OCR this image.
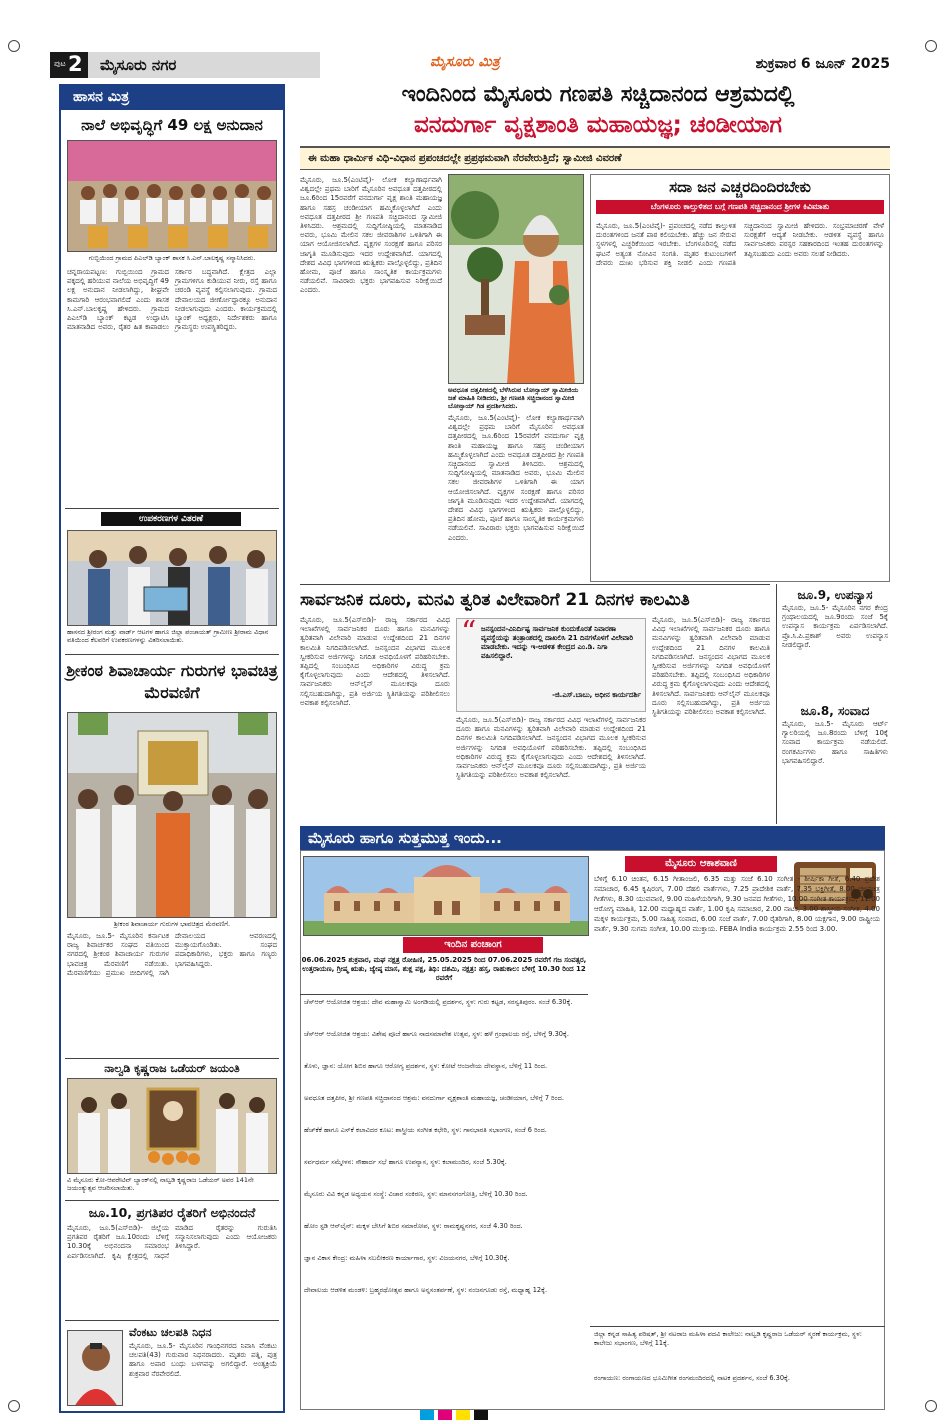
ಪುಟ 2 ಮೈಸೂರು ನಗರ	ಮೈಸೂರು ಮಿತ್ರ	ಶುಕ್ರವಾರ 6 ಜೂನ್ 2025
ಹಾಸನ ಮಿತ್ರ
ನಾಲೆ ಅಭಿವೃದ್ಧಿಗೆ 49 ಲಕ್ಷ ಅನುದಾನ
ಗುಬ್ಬಿಯಿಂದ ಗ್ರಾಮದ ಪಿಎಲ್‌ಡಿ ಬ್ಯಾಂಕ್ ಶಾಸಕ ಸಿ.ಎನ್.ಬಾಲಕೃಷ್ಣ ಸನ್ಮಾನಿಸಿದರು.
ಚನ್ನರಾಯಪಟ್ಟಣ: ಗುಬ್ಬಿಯಿಂದ ಗ್ರಾಮದ ಪಕ್ಕದಲ್ಲಿ ಹರಿಯುವ ನಾಲೆಯ ಅಭಿವೃದ್ಧಿಗೆ 49 ಲಕ್ಷ ಅನುದಾನ ನೀಡಲಾಗಿದ್ದು, ಶೀಘ್ರವೇ ಕಾಮಗಾರಿ ಆರಂಭವಾಗಲಿದೆ ಎಂದು ಶಾಸಕ ಸಿ.ಎನ್.ಬಾಲಕೃಷ್ಣ ಹೇಳಿದರು. ಗ್ರಾಮದ ಪಿಎಲ್‌ಡಿ ಬ್ಯಾಂಕ್ ಕಟ್ಟಡ ಉದ್ಘಾಟಿಸಿ ಮಾತನಾಡಿದ ಅವರು, ರೈತರ ಹಿತ ಕಾಪಾಡಲು ಸರ್ಕಾರ ಬದ್ಧವಾಗಿದೆ. ಕ್ಷೇತ್ರದ ಎಲ್ಲಾ ಗ್ರಾಮಗಳಿಗೂ ಕುಡಿಯುವ ನೀರು, ರಸ್ತೆ ಹಾಗೂ ಚರಂಡಿ ವ್ಯವಸ್ಥೆ ಕಲ್ಪಿಸಲಾಗುವುದು. ಗ್ರಾಮದ ದೇವಾಲಯದ ಜೀರ್ಣೋದ್ಧಾರಕ್ಕೂ ಅನುದಾನ ನೀಡಲಾಗುವುದು ಎಂದರು. ಕಾರ್ಯಕ್ರಮದಲ್ಲಿ ಬ್ಯಾಂಕ್ ಅಧ್ಯಕ್ಷರು, ನಿರ್ದೇಶಕರು ಹಾಗೂ ಗ್ರಾಮಸ್ಥರು ಉಪಸ್ಥಿತರಿದ್ದರು.
ಉಪಕರಣಗಳ ವಿತರಣೆ
ಹಾಸನದ ಶ್ರೀರಂಗ ಮತ್ತು ವಾರ್ಡ್ ಆಟಗಳ ಹಾಗೂ ಜಿಲ್ಲಾ ಪಂಚಾಯತ್ ಗ್ರಾಮೀಣ ಶ್ರೀರಾಮ ವಿಧಾನ ವತಿಯಿಂದ ಕೆಲವರಿಗೆ ಉಪಕರಣಗಳನ್ನು ವಿತರಿಸಲಾಯಿತು.
ಶ್ರೀಕಂಠ ಶಿವಾಚಾರ್ಯ ಗುರುಗಳ ಭಾವಚಿತ್ರ ಮೆರವಣಿಗೆ
ಶ್ರೀಕಂಠ ಶಿವಾಚಾರ್ಯ ಗುರುಗಳ ಭಾವಚಿತ್ರದ ಮೆರವಣಿಗೆ.
ಮೈಸೂರು, ಜೂ.5- ಮೈಸೂರಿನ ಕರ್ನಾಟಕ ರಾಜ್ಯ ಶಿವಾರ್ಚಕರ ಸಂಘದ ವತಿಯಿಂದ ನಗರದಲ್ಲಿ ಶ್ರೀಕಂಠ ಶಿವಾಚಾರ್ಯ ಗುರುಗಳ ಭಾವಚಿತ್ರ ಮೆರವಣಿಗೆ ನಡೆಯಿತು. ಮೆರವಣಿಗೆಯು ಪ್ರಮುಖ ಬೀದಿಗಳಲ್ಲಿ ಸಾಗಿ ದೇವಾಲಯದ ಆವರಣದಲ್ಲಿ ಮುಕ್ತಾಯಗೊಂಡಿತು. ಸಂಘದ ಪದಾಧಿಕಾರಿಗಳು, ಭಕ್ತರು ಹಾಗೂ ಗಣ್ಯರು ಭಾಗವಹಿಸಿದ್ದರು.
ನಾಲ್ವಡಿ ಕೃಷ್ಣರಾಜ ಒಡೆಯರ್ ಜಯಂತಿ
ವಿ ಮೈಸೂರು ಕೋ-ಆಪರೇಟಿವ್ ಬ್ಯಾಂಕ್‌ನಲ್ಲಿ ನಾಲ್ವಡಿ ಕೃಷ್ಣರಾಜ ಒಡೆಯರ್ ಅವರ 141ನೇ ಜಯಂತ್ಯುತ್ಸವ ಆಚರಿಸಲಾಯಿತು.
ಜೂ.10, ಪ್ರಗತಿಪರ ರೈತರಿಗೆ ಅಭಿನಂದನೆ
ಮೈಸೂರು, ಜೂ.5(ಎಸ್‌ಬಿಡಿ)- ಜಿಲ್ಲೆಯ ಪ್ರಗತಿಪರ ರೈತರಿಗೆ ಜೂ.10ರಂದು ಬೆಳಿಗ್ಗೆ 10.30ಕ್ಕೆ ಅಭಿನಂದನಾ ಸಮಾರಂಭ ಏರ್ಪಡಿಸಲಾಗಿದೆ. ಕೃಷಿ ಕ್ಷೇತ್ರದಲ್ಲಿ ಸಾಧನೆ ಮಾಡಿದ ರೈತರನ್ನು ಗುರುತಿಸಿ ಸನ್ಮಾನಿಸಲಾಗುವುದು ಎಂದು ಆಯೋಜಕರು ತಿಳಿಸಿದ್ದಾರೆ.
ವೆಂಕಟು ಚಲಪತಿ ನಿಧನ
ಮೈಸೂರು, ಜೂ.5- ಮೈಸೂರಿನ ಗಾಂಧಿನಗರದ ನಿವಾಸಿ ವೆಂಕಟು ಚಲಪತಿ(43) ಗುರುವಾರ ನಿಧನರಾದರು. ಮೃತರು ಪತ್ನಿ, ಪುತ್ರ ಹಾಗೂ ಅಪಾರ ಬಂಧು ಬಳಗವನ್ನು ಅಗಲಿದ್ದಾರೆ. ಅಂತ್ಯಕ್ರಿಯೆ ಶುಕ್ರವಾರ ನೆರವೇರಲಿದೆ.
ಇಂದಿನಿಂದ ಮೈಸೂರು ಗಣಪತಿ ಸಚ್ಚಿದಾನಂದ ಆಶ್ರಮದಲ್ಲಿ
ವನದುರ್ಗಾ ವೃಕ್ಷಶಾಂತಿ ಮಹಾಯಜ್ಞ; ಚಂಡೀಯಾಗ
ಈ ಮಹಾ ಧಾರ್ಮಿಕ ವಿಧಿ-ವಿಧಾನ ಪ್ರಪಂಚದಲ್ಲೇ ಪ್ರಪ್ರಥಮವಾಗಿ ನೆರವೇರುತ್ತಿದೆ; ಸ್ವಾಮೀಜಿ ವಿವರಣೆ
ಮೈಸೂರು, ಜೂ.5(ಎಂಟಿವೈ)- ಲೋಕ ಕಲ್ಯಾಣಾರ್ಥವಾಗಿ ವಿಶ್ವದಲ್ಲೇ ಪ್ರಥಮ ಬಾರಿಗೆ ಮೈಸೂರಿನ ಅವಧೂತ ದತ್ತಪೀಠದಲ್ಲಿ ಜೂ.6ರಿಂದ 15ರವರೆಗೆ ವನದುರ್ಗಾ ವೃಕ್ಷ ಶಾಂತಿ ಮಹಾಯಜ್ಞ ಹಾಗೂ ಸಹಸ್ರ ಚಂಡೀಯಾಗ ಹಮ್ಮಿಕೊಳ್ಳಲಾಗಿದೆ ಎಂದು ಅವಧೂತ ದತ್ತಪೀಠದ ಶ್ರೀ ಗಣಪತಿ ಸಚ್ಚಿದಾನಂದ ಸ್ವಾಮೀಜಿ ತಿಳಿಸಿದರು. ಆಶ್ರಮದಲ್ಲಿ ಸುದ್ದಿಗೋಷ್ಠಿಯಲ್ಲಿ ಮಾತನಾಡಿದ ಅವರು, ಭೂಮಿ ಮೇಲಿನ ಸಕಲ ಜೀವರಾಶಿಗಳ ಒಳಿತಿಗಾಗಿ ಈ ಯಾಗ ಆಯೋಜಿಸಲಾಗಿದೆ. ವೃಕ್ಷಗಳ ಸಂರಕ್ಷಣೆ ಹಾಗೂ ಪರಿಸರ ಜಾಗೃತಿ ಮೂಡಿಸುವುದು ಇದರ ಉದ್ದೇಶವಾಗಿದೆ. ಯಾಗದಲ್ಲಿ ದೇಶದ ವಿವಿಧ ಭಾಗಗಳಿಂದ ಋತ್ವಿಕರು ಪಾಲ್ಗೊಳ್ಳಲಿದ್ದು, ಪ್ರತಿದಿನ ಹೋಮ, ಪೂಜೆ ಹಾಗೂ ಸಾಂಸ್ಕೃತಿಕ ಕಾರ್ಯಕ್ರಮಗಳು ನಡೆಯಲಿವೆ. ಸಾವಿರಾರು ಭಕ್ತರು ಭಾಗವಹಿಸುವ ನಿರೀಕ್ಷೆಯಿದೆ ಎಂದರು.
ಅವಧೂತ ದತ್ತಪೀಠದಲ್ಲಿ ಬೆಳೆಸಿರುವ ಬೋನ್ಸಾಯ್ ಸ್ವಾಮೀಜಿಯ ಜತೆ ಮಾಹಿತಿ ನೀಡಿದರು, ಶ್ರೀ ಗಣಪತಿ ಸಚ್ಚಿದಾನಂದ ಸ್ವಾಮೀಜಿ ಬೋನ್ಸಾಯ್ ಗಿಡ ಪ್ರದರ್ಶಿಸಿದರು.
ಮೈಸೂರು, ಜೂ.5(ಎಂಟಿವೈ)- ಲೋಕ ಕಲ್ಯಾಣಾರ್ಥವಾಗಿ ವಿಶ್ವದಲ್ಲೇ ಪ್ರಥಮ ಬಾರಿಗೆ ಮೈಸೂರಿನ ಅವಧೂತ ದತ್ತಪೀಠದಲ್ಲಿ ಜೂ.6ರಿಂದ 15ರವರೆಗೆ ವನದುರ್ಗಾ ವೃಕ್ಷ ಶಾಂತಿ ಮಹಾಯಜ್ಞ ಹಾಗೂ ಸಹಸ್ರ ಚಂಡೀಯಾಗ ಹಮ್ಮಿಕೊಳ್ಳಲಾಗಿದೆ ಎಂದು ಅವಧೂತ ದತ್ತಪೀಠದ ಶ್ರೀ ಗಣಪತಿ ಸಚ್ಚಿದಾನಂದ ಸ್ವಾಮೀಜಿ ತಿಳಿಸಿದರು. ಆಶ್ರಮದಲ್ಲಿ ಸುದ್ದಿಗೋಷ್ಠಿಯಲ್ಲಿ ಮಾತನಾಡಿದ ಅವರು, ಭೂಮಿ ಮೇಲಿನ ಸಕಲ ಜೀವರಾಶಿಗಳ ಒಳಿತಿಗಾಗಿ ಈ ಯಾಗ ಆಯೋಜಿಸಲಾಗಿದೆ. ವೃಕ್ಷಗಳ ಸಂರಕ್ಷಣೆ ಹಾಗೂ ಪರಿಸರ ಜಾಗೃತಿ ಮೂಡಿಸುವುದು ಇದರ ಉದ್ದೇಶವಾಗಿದೆ. ಯಾಗದಲ್ಲಿ ದೇಶದ ವಿವಿಧ ಭಾಗಗಳಿಂದ ಋತ್ವಿಕರು ಪಾಲ್ಗೊಳ್ಳಲಿದ್ದು, ಪ್ರತಿದಿನ ಹೋಮ, ಪೂಜೆ ಹಾಗೂ ಸಾಂಸ್ಕೃತಿಕ ಕಾರ್ಯಕ್ರಮಗಳು ನಡೆಯಲಿವೆ. ಸಾವಿರಾರು ಭಕ್ತರು ಭಾಗವಹಿಸುವ ನಿರೀಕ್ಷೆಯಿದೆ ಎಂದರು.
ಸದಾ ಜನ ಎಚ್ಚರದಿಂದಿರಬೇಕು
ಬೆಂಗಳೂರು ಕಾಲ್ತುಳಿತದ ಬಗ್ಗೆ ಗಣಪತಿ ಸಚ್ಚಿದಾನಂದ ಶ್ರೀಗಳ ಕಿವಿಮಾತು
ಮೈಸೂರು, ಜೂ.5(ಎಂಟಿವೈ)- ಪ್ರಪಂಚದಲ್ಲಿ ನಡೆದ ಕಾಲ್ತುಳಿತ ದುರಂತಗಳಿಂದ ಜನತೆ ಪಾಠ ಕಲಿಯಬೇಕು. ಹೆಚ್ಚು ಜನ ಸೇರುವ ಸ್ಥಳಗಳಲ್ಲಿ ಎಚ್ಚರಿಕೆಯಿಂದ ಇರಬೇಕು. ಬೆಂಗಳೂರಿನಲ್ಲಿ ನಡೆದ ಘಟನೆ ಅತ್ಯಂತ ನೋವಿನ ಸಂಗತಿ. ಮೃತರ ಕುಟುಂಬಗಳಿಗೆ ದೇವರು ದುಃಖ ಭರಿಸುವ ಶಕ್ತಿ ನೀಡಲಿ ಎಂದು ಗಣಪತಿ ಸಚ್ಚಿದಾನಂದ ಸ್ವಾಮೀಜಿ ಹೇಳಿದರು. ಸಂಭ್ರಮಾಚರಣೆ ವೇಳೆ ಸುರಕ್ಷತೆಗೆ ಆದ್ಯತೆ ನೀಡಬೇಕು. ಆಡಳಿತ ವ್ಯವಸ್ಥೆ ಹಾಗೂ ಸಾರ್ವಜನಿಕರು ಪರಸ್ಪರ ಸಹಕಾರದಿಂದ ಇಂತಹ ದುರಂತಗಳನ್ನು ತಪ್ಪಿಸಬಹುದು ಎಂದು ಅವರು ಸಲಹೆ ನೀಡಿದರು.
ಸಾರ್ವಜನಿಕ ದೂರು, ಮನವಿ ತ್ವರಿತ ವಿಲೇವಾರಿಗೆ 21 ದಿನಗಳ ಕಾಲಮಿತಿ
ಮೈಸೂರು, ಜೂ.5(ಎಸ್‌ಬಿಡಿ)- ರಾಜ್ಯ ಸರ್ಕಾರದ ವಿವಿಧ ಇಲಾಖೆಗಳಲ್ಲಿ ಸಾರ್ವಜನಿಕರ ದೂರು ಹಾಗೂ ಮನವಿಗಳನ್ನು ತ್ವರಿತವಾಗಿ ವಿಲೇವಾರಿ ಮಾಡುವ ಉದ್ದೇಶದಿಂದ 21 ದಿನಗಳ ಕಾಲಮಿತಿ ನಿಗದಿಪಡಿಸಲಾಗಿದೆ. ಜನಸ್ಪಂದನ ವಿಭಾಗದ ಮೂಲಕ ಸ್ವೀಕರಿಸುವ ಅರ್ಜಿಗಳನ್ನು ನಿಗದಿತ ಅವಧಿಯೊಳಗೆ ಪರಿಹರಿಸಬೇಕು. ತಪ್ಪಿದಲ್ಲಿ ಸಂಬಂಧಿಸಿದ ಅಧಿಕಾರಿಗಳ ವಿರುದ್ಧ ಕ್ರಮ ಕೈಗೊಳ್ಳಲಾಗುವುದು ಎಂದು ಆದೇಶದಲ್ಲಿ ತಿಳಿಸಲಾಗಿದೆ. ಸಾರ್ವಜನಿಕರು ಆನ್‌ಲೈನ್ ಮೂಲಕವೂ ದೂರು ಸಲ್ಲಿಸಬಹುದಾಗಿದ್ದು, ಪ್ರತಿ ಅರ್ಜಿಯ ಸ್ಥಿತಿಗತಿಯನ್ನು ಪರಿಶೀಲಿಸಲು ಅವಕಾಶ ಕಲ್ಪಿಸಲಾಗಿದೆ.
“ ಜನಸ್ಪಂದನ-ವಿನಿರ್ದಿಷ್ಟ ಸಾರ್ವಜನಿಕ ಕುಂದುಕೊರತೆ ನಿವಾರಣಾ ವ್ಯವಸ್ಥೆಯನ್ನು ತಂತ್ರಾಂಶದಲ್ಲಿ ದಾಖಲಿಸಿ 21 ದಿನಗಳೊಳಗೆ ವಿಲೇವಾರಿ ಮಾಡಬೇಕು. ಇದನ್ನು ಇ-ಆಡಳಿತ ಕೇಂದ್ರದ ಎಂ.ಡಿ. ನಿಗಾ ವಹಿಸಲಿದ್ದಾರೆ.
-ಜಿ.ಎಸ್.ಬಾಬು, ಅಧೀನ ಕಾರ್ಯದರ್ಶಿ
ಮೈಸೂರು, ಜೂ.5(ಎಸ್‌ಬಿಡಿ)- ರಾಜ್ಯ ಸರ್ಕಾರದ ವಿವಿಧ ಇಲಾಖೆಗಳಲ್ಲಿ ಸಾರ್ವಜನಿಕರ ದೂರು ಹಾಗೂ ಮನವಿಗಳನ್ನು ತ್ವರಿತವಾಗಿ ವಿಲೇವಾರಿ ಮಾಡುವ ಉದ್ದೇಶದಿಂದ 21 ದಿನಗಳ ಕಾಲಮಿತಿ ನಿಗದಿಪಡಿಸಲಾಗಿದೆ. ಜನಸ್ಪಂದನ ವಿಭಾಗದ ಮೂಲಕ ಸ್ವೀಕರಿಸುವ ಅರ್ಜಿಗಳನ್ನು ನಿಗದಿತ ಅವಧಿಯೊಳಗೆ ಪರಿಹರಿಸಬೇಕು. ತಪ್ಪಿದಲ್ಲಿ ಸಂಬಂಧಿಸಿದ ಅಧಿಕಾರಿಗಳ ವಿರುದ್ಧ ಕ್ರಮ ಕೈಗೊಳ್ಳಲಾಗುವುದು ಎಂದು ಆದೇಶದಲ್ಲಿ ತಿಳಿಸಲಾಗಿದೆ. ಸಾರ್ವಜನಿಕರು ಆನ್‌ಲೈನ್ ಮೂಲಕವೂ ದೂರು ಸಲ್ಲಿಸಬಹುದಾಗಿದ್ದು, ಪ್ರತಿ ಅರ್ಜಿಯ ಸ್ಥಿತಿಗತಿಯನ್ನು ಪರಿಶೀಲಿಸಲು ಅವಕಾಶ ಕಲ್ಪಿಸಲಾಗಿದೆ.
ಮೈಸೂರು, ಜೂ.5(ಎಸ್‌ಬಿಡಿ)- ರಾಜ್ಯ ಸರ್ಕಾರದ ವಿವಿಧ ಇಲಾಖೆಗಳಲ್ಲಿ ಸಾರ್ವಜನಿಕರ ದೂರು ಹಾಗೂ ಮನವಿಗಳನ್ನು ತ್ವರಿತವಾಗಿ ವಿಲೇವಾರಿ ಮಾಡುವ ಉದ್ದೇಶದಿಂದ 21 ದಿನಗಳ ಕಾಲಮಿತಿ ನಿಗದಿಪಡಿಸಲಾಗಿದೆ. ಜನಸ್ಪಂದನ ವಿಭಾಗದ ಮೂಲಕ ಸ್ವೀಕರಿಸುವ ಅರ್ಜಿಗಳನ್ನು ನಿಗದಿತ ಅವಧಿಯೊಳಗೆ ಪರಿಹರಿಸಬೇಕು. ತಪ್ಪಿದಲ್ಲಿ ಸಂಬಂಧಿಸಿದ ಅಧಿಕಾರಿಗಳ ವಿರುದ್ಧ ಕ್ರಮ ಕೈಗೊಳ್ಳಲಾಗುವುದು ಎಂದು ಆದೇಶದಲ್ಲಿ ತಿಳಿಸಲಾಗಿದೆ. ಸಾರ್ವಜನಿಕರು ಆನ್‌ಲೈನ್ ಮೂಲಕವೂ ದೂರು ಸಲ್ಲಿಸಬಹುದಾಗಿದ್ದು, ಪ್ರತಿ ಅರ್ಜಿಯ ಸ್ಥಿತಿಗತಿಯನ್ನು ಪರಿಶೀಲಿಸಲು ಅವಕಾಶ ಕಲ್ಪಿಸಲಾಗಿದೆ.
ಜೂ.9, ಉಪನ್ಯಾಸ
ಮೈಸೂರು, ಜೂ.5- ಮೈಸೂರಿನ ನಗರ ಕೇಂದ್ರ ಗ್ರಂಥಾಲಯದಲ್ಲಿ ಜೂ.9ರಂದು ಸಂಜೆ 5ಕ್ಕೆ ಉಪನ್ಯಾಸ ಕಾರ್ಯಕ್ರಮ ಏರ್ಪಡಿಸಲಾಗಿದೆ. ಪ್ರೊ.ಸಿ.ಪಿ.ಪ್ರಕಾಶ್ ಅವರು ಉಪನ್ಯಾಸ ನೀಡಲಿದ್ದಾರೆ.
ಜೂ.8, ಸಂವಾದ
ಮೈಸೂರು, ಜೂ.5- ಮೈಸೂರು ಆರ್ಟ್ ಗ್ಯಾಲರಿಯಲ್ಲಿ ಜೂ.8ರಂದು ಬೆಳಿಗ್ಗೆ 10ಕ್ಕೆ ಸಂವಾದ ಕಾರ್ಯಕ್ರಮ ನಡೆಯಲಿದೆ. ರಂಗಕರ್ಮಿಗಳು ಹಾಗೂ ಸಾಹಿತಿಗಳು ಭಾಗವಹಿಸಲಿದ್ದಾರೆ.
ಮೈಸೂರು ಹಾಗೂ ಸುತ್ತಮುತ್ತ ಇಂದು...
ಇಂದಿನ ಪಂಚಾಂಗ
06.06.2025 ಶುಕ್ರವಾರ, ಮಘ ನಕ್ಷತ್ರ ರೋಹಿಣಿ, 25.05.2025 ರಿಂದ 07.06.2025 ರವರೆಗೆ ಗಜ ಸಂವತ್ಸರ, ಉತ್ತರಾಯಣ, ಗ್ರೀಷ್ಮ ಋತು, ಜ್ಯೇಷ್ಠ ಮಾಸ, ಶುಕ್ಲ ಪಕ್ಷ, ತಿಥಿ: ದಶಮಿ, ನಕ್ಷತ್ರ: ಹಸ್ತ, ರಾಹುಕಾಲ: ಬೆಳಿಗ್ಗೆ 10.30 ರಿಂದ 12 ರವರೆಗೆ
ಚೆಸ್‌ಆರ್‌ ಆಯೋಜಿತ ಆಶ್ರಯ: ದೇವ ಮಹಾಸ್ವಾಮಿ ಅಂಗಡಿಯಲ್ಲಿ ಪ್ರದರ್ಶನ, ಸ್ಥಳ: ಗುರು ಕಟ್ಟಡ, ಸರಸ್ವತಿಪುರಂ. ಸಂಜೆ 6.30ಕ್ಕೆ.
ಚೆಸ್‌ಆರ್‌ ಆಯೋಜಿತ ಆಶ್ರಯ: ವಿಶೇಷ ಪೂಜೆ ಹಾಗೂ ನಾದಸಮಾವೇಶ ಉತ್ಸವ, ಸ್ಥಳ: ಹಳೆ ಗ್ರಂಥಾಲಯ ರಸ್ತೆ, ಬೆಳಿಗ್ಗೆ 9.30ಕ್ಕೆ.
ತೊಳು, ಜ್ಞಾನ: ಯೋಗ ಶಿಬಿರ ಹಾಗೂ ಆರೋಗ್ಯ ಪ್ರದರ್ಶನ, ಸ್ಥಳ: ಕೋಟೆ ಆಂಜನೇಯ ದೇವಸ್ಥಾನ, ಬೆಳಿಗ್ಗೆ 11 ರಿಂದ.
ಅವಧೂತ ದತ್ತಪೀಠ, ಶ್ರೀ ಗಣಪತಿ ಸಚ್ಚಿದಾನಂದ ಆಶ್ರಮ: ವನದುರ್ಗಾ ವೃಕ್ಷಶಾಂತಿ ಮಹಾಯಜ್ಞ, ಚಂಡೀಯಾಗ, ಬೆಳಿಗ್ಗೆ 7 ರಿಂದ.
ಹೆಚ್‌ಕೆಕೆ ಹಾಗೂ ಎಸ್‌ಕೆ ಕಲಾವಿದರ ಕೂಟ: ಶಾಸ್ತ್ರೀಯ ಸಂಗೀತ ಕಛೇರಿ, ಸ್ಥಳ: ಗಾನಭಾರತಿ ಸಭಾಂಗಣ, ಸಂಜೆ 6 ರಿಂದ.
ಸರ್ವಧರ್ಮ ಸಮ್ಮೇಳನ: ಸೌಹಾರ್ದ ಸಭೆ ಹಾಗೂ ಉಪನ್ಯಾಸ, ಸ್ಥಳ: ಕಲಾಮಂದಿರ, ಸಂಜೆ 5.30ಕ್ಕೆ.
ಮೈಸೂರು ವಿವಿ ಕನ್ನಡ ಅಧ್ಯಯನ ಸಂಸ್ಥೆ: ವಿಚಾರ ಸಂಕಿರಣ, ಸ್ಥಳ: ಮಾನಸಗಂಗೋತ್ರಿ, ಬೆಳಿಗ್ಗೆ 10.30 ರಿಂದ.
ಹೋಂ ಸ್ಟಡಿ ಆನ್‌ಲೈನ್‌: ಮಕ್ಕಳ ಬೇಸಿಗೆ ಶಿಬಿರ ಸಮಾರೋಪ, ಸ್ಥಳ: ರಾಮಕೃಷ್ಣನಗರ, ಸಂಜೆ 4.30 ರಿಂದ.
ಜ್ಞಾನ ವಿಕಾಸ ಕೇಂದ್ರ: ಮಹಿಳಾ ಸಬಲೀಕರಣ ಕಾರ್ಯಾಗಾರ, ಸ್ಥಳ: ವಿಜಯನಗರ, ಬೆಳಿಗ್ಗೆ 10.30ಕ್ಕೆ.
ದೇವಾಲಯ ಆಡಳಿತ ಮಂಡಳಿ: ಬ್ರಹ್ಮರಥೋತ್ಸವ ಹಾಗೂ ಅನ್ನಸಂತರ್ಪಣೆ, ಸ್ಥಳ: ನಂಜನಗೂಡು ರಸ್ತೆ, ಮಧ್ಯಾಹ್ನ 12ಕ್ಕೆ.
ಮೈಸೂರು ಆಕಾಶವಾಣಿ
ಬೆಳಿಗ್ಗೆ 6.10 ಚಿಂತನ, 6.15 ಗೀತಾಂಜಲಿ, 6.35 ಮತ್ತು ಸಂಜೆ 6.10 ಸಂಗೀತ - ಶೀರ್ಷಿಕಾ ಗೀತೆ, 6.40 ಪ್ರದೇಶ ಸಮಾಚಾರ, 6.45 ಕೃಷಿರಂಗ, 7.00 ದೆಹಲಿ ವಾರ್ತೆಗಳು, 7.25 ಪ್ರಾದೇಶಿಕ ವಾರ್ತೆ, 7.35 ಭಕ್ತಿಗೀತೆ, 8.00 ಚಲನಚಿತ್ರ ಗೀತೆಗಳು, 8.30 ಯುವವಾಣಿ, 9.00 ಮಹಿಳೆಯರಿಗಾಗಿ, 9.30 ಜನಪದ ಗೀತೆಗಳು, 10.00 ಸಂಗೀತ ಕಾರ್ಯಕ್ರಮ, 11.00 ಆರೋಗ್ಯ ಮಾಹಿತಿ, 12.00 ಮಧ್ಯಾಹ್ನದ ವಾರ್ತೆ, 1.00 ಕೃಷಿ ಸಮಾಚಾರ, 2.00 ನಾಟಕ, 3.00 ಶಾಸ್ತ್ರೀಯ ಸಂಗೀತ, 4.00 ಮಕ್ಕಳ ಕಾರ್ಯಕ್ರಮ, 5.00 ಸಾಹಿತ್ಯ ಸಂವಾದ, 6.00 ಸಂಜೆ ವಾರ್ತೆ, 7.00 ರೈತರಿಗಾಗಿ, 8.00 ಯಕ್ಷಗಾನ, 9.00 ರಾಷ್ಟ್ರೀಯ ವಾರ್ತೆ, 9.30 ಸುಗಮ ಸಂಗೀತ, 10.00 ಮುಕ್ತಾಯ. FEBA India ಕಾರ್ಯಕ್ರಮ 2.55 ರಿಂದ 3.00.
ಜಿಲ್ಲಾ ಕನ್ನಡ ಸಾಹಿತ್ಯ ಪರಿಷತ್, ಶ್ರೀ ನಟರಾಜ ಮಹಿಳಾ ಪದವಿ ಕಾಲೇಜು: ನಾಲ್ವಡಿ ಕೃಷ್ಣರಾಜ ಒಡೆಯರ್ ಸ್ಮರಣೆ ಕಾರ್ಯಕ್ರಮ, ಸ್ಥಳ: ಕಾಲೇಜು ಸಭಾಂಗಣ, ಬೆಳಿಗ್ಗೆ 11ಕ್ಕೆ.
ರಂಗಾಯಣ: ರಂಗಾಯಣದ ಭೂಮಿಗೀತ ರಂಗಮಂದಿರದಲ್ಲಿ ನಾಟಕ ಪ್ರದರ್ಶನ, ಸಂಜೆ 6.30ಕ್ಕೆ.
